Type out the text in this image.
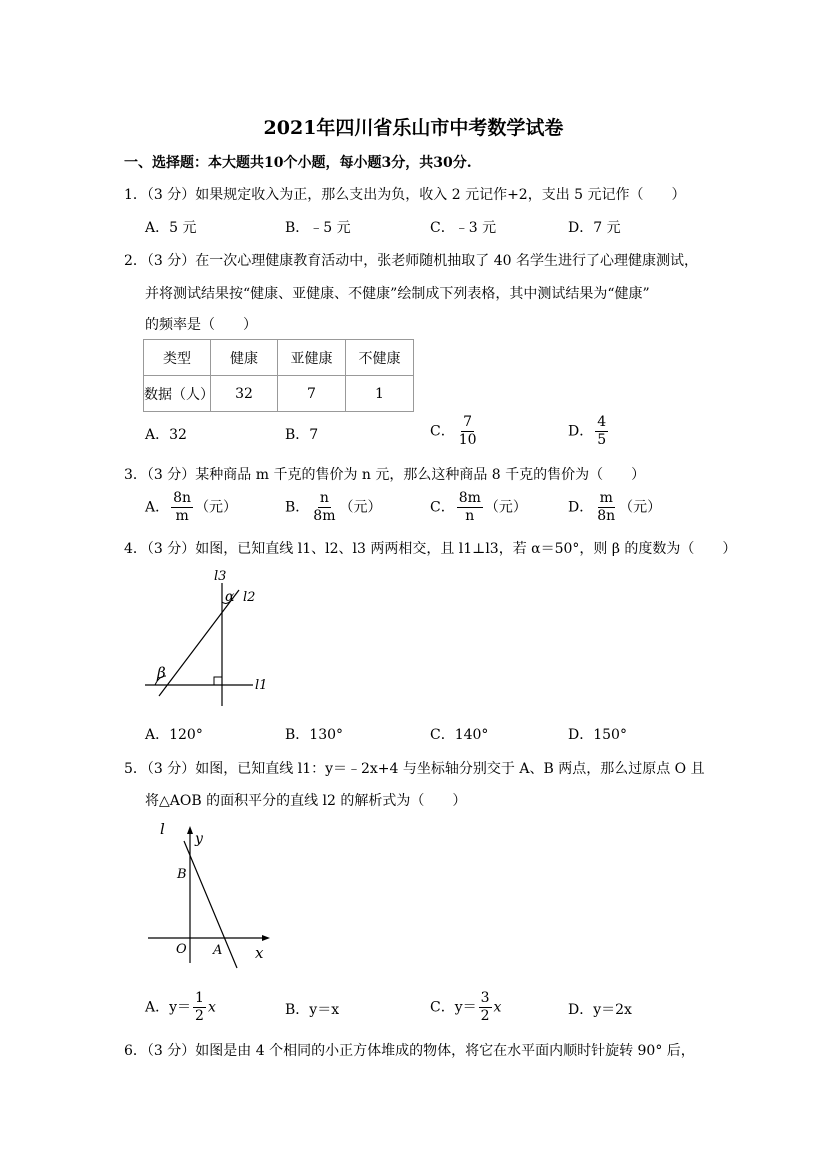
2021年四川省乐山市中考数学试卷
一、选择题：本大题共10个小题，每小题3分，共30分.
1．（3 分）如果规定收入为正，那么支出为负，收入 2 元记作+2，支出 5 元记作（　　）
A．5 元	B．﹣5 元	C．﹣3 元	D．7 元
2．（3 分）在一次心理健康教育活动中，张老师随机抽取了 40 名学生进行了心理健康测试，
并将测试结果按“健康、亚健康、不健康”绘制成下列表格，其中测试结果为“健康”
的频率是（　　）
类型	健康	亚健康	不健康
数据（人）	32	7	1
A．32	B．7	C． $\frac{7}{10}$	D． $\frac{4}{5}$
3．（3 分）某种商品 m 千克的售价为 n 元，那么这种商品 8 千克的售价为（　　）
A． $\frac{8n}{m}$ （元）	B． $\frac{n}{8m}$ （元）	C． $\frac{8m}{n}$ （元）	D． $\frac{m}{8n}$ （元）
4．（3 分）如图，已知直线 l1、l2、l3 两两相交，且 l1⊥l3，若 α＝50°，则 β 的度数为（　　）
l3
α l2
β
l1
A．120°	B．130°	C．140°	D．150°
5．（3 分）如图，已知直线 l1：y＝﹣2x+4 与坐标轴分别交于 A、B 两点，那么过原点 O 且
将△AOB 的面积平分的直线 l2 的解析式为（　　）
l
y
B
O A x
A．$y= \frac{1}{2}$ x	B．y＝x	C．$y= \frac{3}{2}$ x	D．y＝2x
6．（3 分）如图是由 4 个相同的小正方体堆成的物体，将它在水平面内顺时针旋转 90° 后，
